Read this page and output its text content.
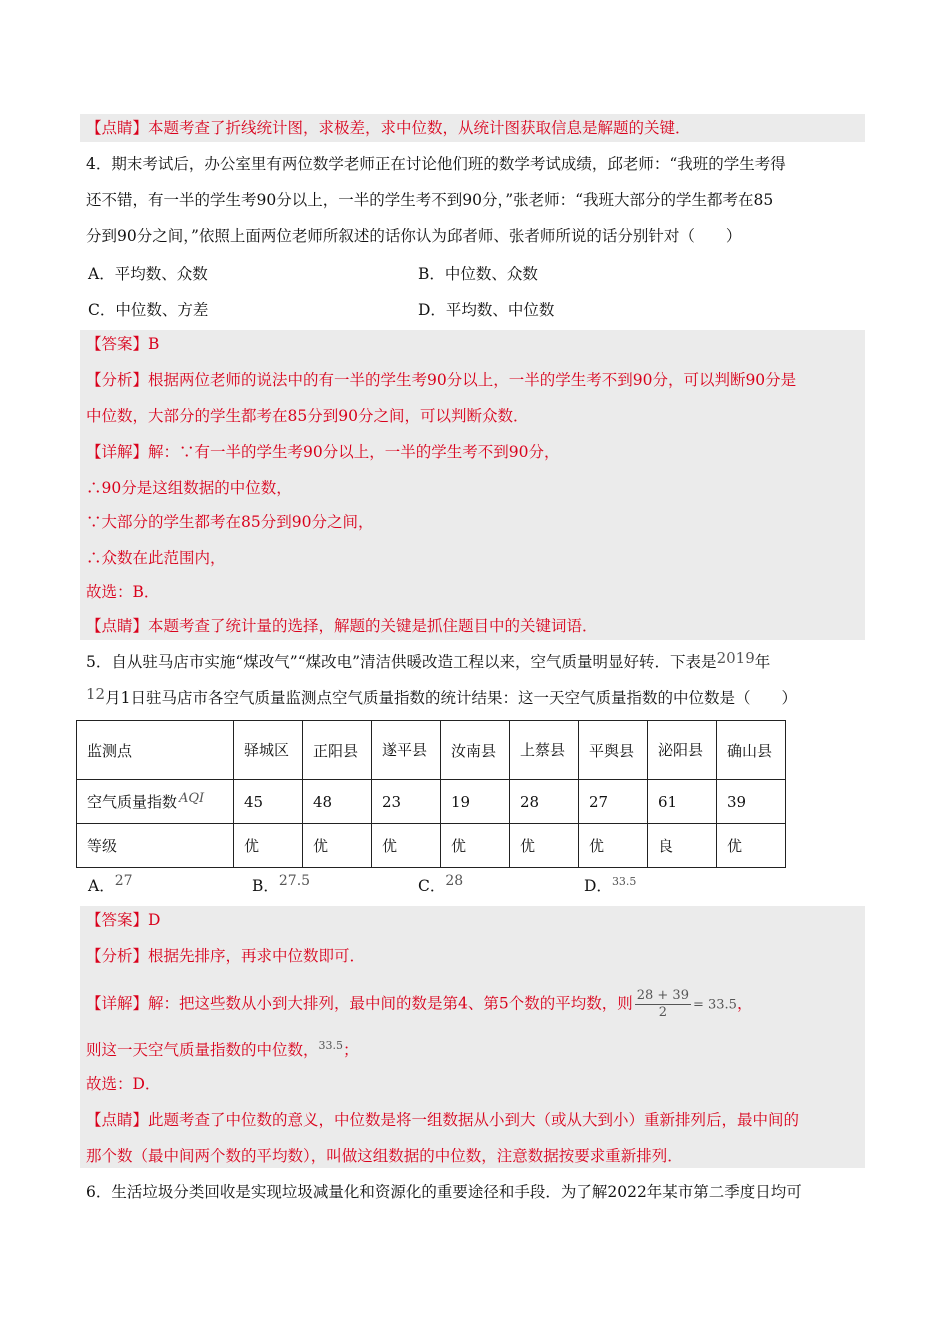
【点睛】本题考查了折线统计图，求极差，求中位数，从统计图获取信息是解题的关键．
4．期末考试后，办公室里有两位数学老师正在讨论他们班的数学考试成绩，邱老师：“我班的学生考得
还不错，有一半的学生考90分以上，一半的学生考不到90分，”张老师：“我班大部分的学生都考在85
分到90分之间，”依照上面两位老师所叙述的话你认为邱者师、张者师所说的话分别针对（　　）
A．平均数、众数	B．中位数、众数
C．中位数、方差	D．平均数、中位数
【答案】B
【分析】根据两位老师的说法中的有一半的学生考90分以上，一半的学生考不到90分，可以判断90分是
中位数，大部分的学生都考在85分到90分之间，可以判断众数．
【详解】解：∵有一半的学生考90分以上，一半的学生考不到90分，
∴90分是这组数据的中位数，
∵大部分的学生都考在85分到90分之间，
∴众数在此范围内，
故选：B．
【点睛】本题考查了统计量的选择，解题的关键是抓住题目中的关键词语．
5．自从驻马店市实施“煤改气”“煤改电”清洁供暖改造工程以来，空气质量明显好转．下表是2019年
12月1日驻马店市各空气质量监测点空气质量指数的统计结果：这一天空气质量指数的中位数是（　　）
监测点	驿城区	正阳县	遂平县	汝南县	上蔡县	平舆县	泌阳县	确山县
空气质量指数 AQI	45	48	23	19	28	27	61	39
等级	优	优	优	优	优	优	良	优
A．27	B．27.5	C．28	D．$^{33.5}$
【答案】D
【分析】根据先排序，再求中位数即可．
【详解】解：把这些数从小到大排列，最中间的数是第4、第5个数的平均数，则 $\frac{28 + 39}{2} = 33.5$，
则这一天空气质量指数的中位数，$^{33.5}$；
故选：D．
【点睛】此题考查了中位数的意义，中位数是将一组数据从小到大（或从大到小）重新排列后，最中间的
那个数（最中间两个数的平均数），叫做这组数据的中位数，注意数据按要求重新排列．
6．生活垃圾分类回收是实现垃圾减量化和资源化的重要途径和手段．为了解2022年某市第二季度日均可
